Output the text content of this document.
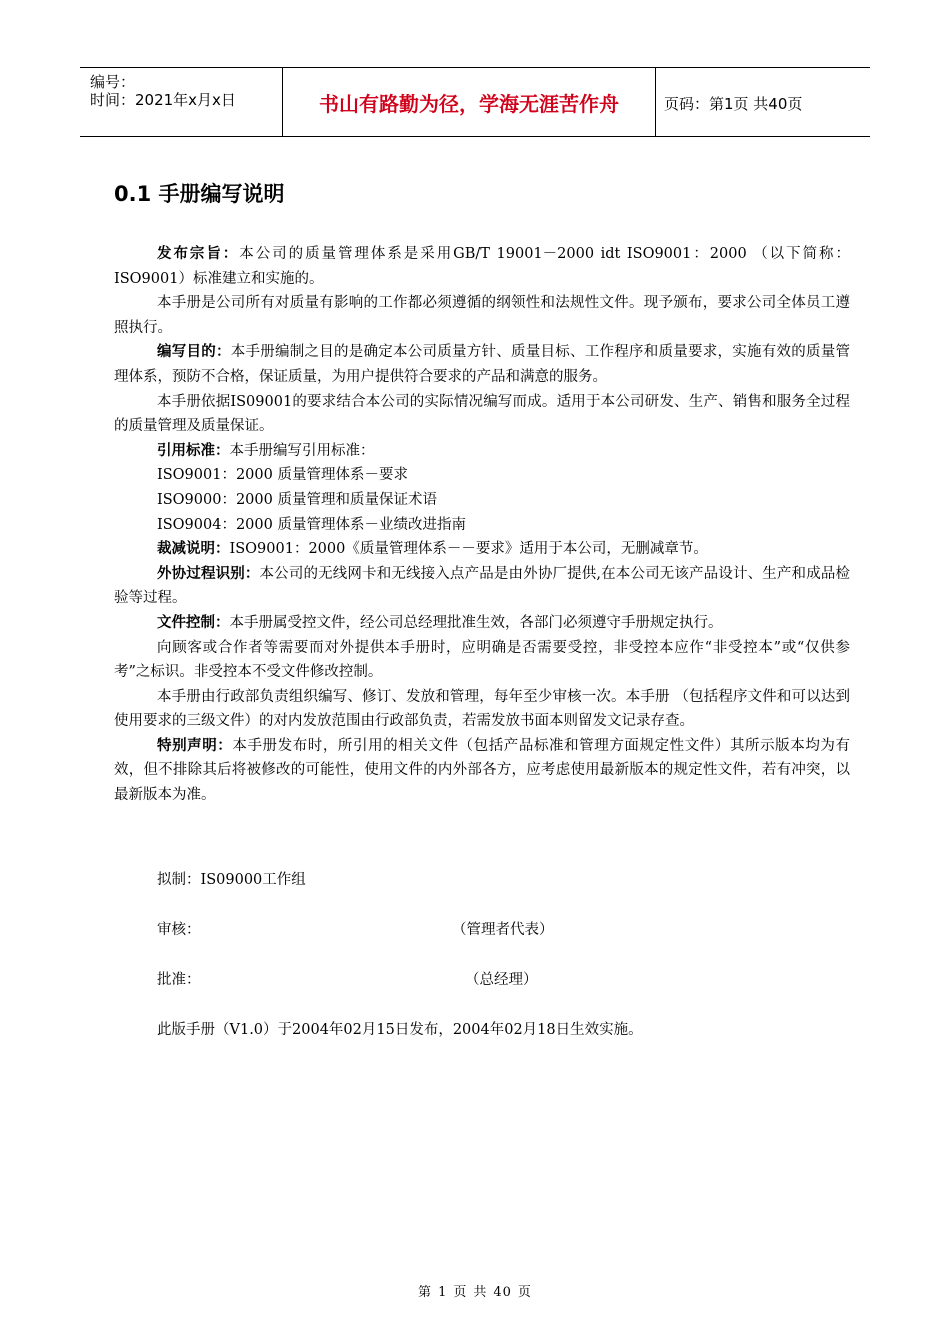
编号：
时间：2021年x月x日	书山有路勤为径，学海无涯苦作舟	页码：第1页 共40页
0.1 手册编写说明

发布宗旨：本公司的质量管理体系是采用GB/T 19001－2000 idt ISO9001：2000 （以下简称：ISO9001）标准建立和实施的。

本手册是公司所有对质量有影响的工作都必须遵循的纲领性和法规性文件。现予颁布，要求公司全体员工遵照执行。

编写目的：本手册编制之目的是确定本公司质量方针、质量目标、工作程序和质量要求，实施有效的质量管理体系，预防不合格，保证质量，为用户提供符合要求的产品和满意的服务。

本手册依据IS09001的要求结合本公司的实际情况编写而成。适用于本公司研发、生产、销售和服务全过程的质量管理及质量保证。

引用标准：本手册编写引用标准：

ISO9001：2000 质量管理体系－要求

ISO9000：2000 质量管理和质量保证术语

ISO9004：2000 质量管理体系－业绩改进指南

裁减说明：ISO9001：2000《质量管理体系－－要求》适用于本公司，无删减章节。

外协过程识别：本公司的无线网卡和无线接入点产品是由外协厂提供,在本公司无该产品设计、生产和成品检验等过程。

文件控制：本手册属受控文件，经公司总经理批准生效，各部门必须遵守手册规定执行。

向顾客或合作者等需要而对外提供本手册时，应明确是否需要受控，非受控本应作“非受控本”或“仅供参考”之标识。非受控本不受文件修改控制。

本手册由行政部负责组织编写、修订、发放和管理，每年至少审核一次。本手册 （包括程序文件和可以达到使用要求的三级文件）的对内发放范围由行政部负责，若需发放书面本则留发文记录存查。

特别声明：本手册发布时，所引用的相关文件（包括产品标准和管理方面规定性文件）其所示版本均为有效，但不排除其后将被修改的可能性，使用文件的内外部各方，应考虑使用最新版本的规定性文件，若有冲突，以最新版本为准。

拟制：IS09000工作组
审核：	（管理者代表）
批准：	（总经理）
此版手册（V1.0）于2004年02月15日发布，2004年02月18日生效实施。
第 1 页 共 40 页
